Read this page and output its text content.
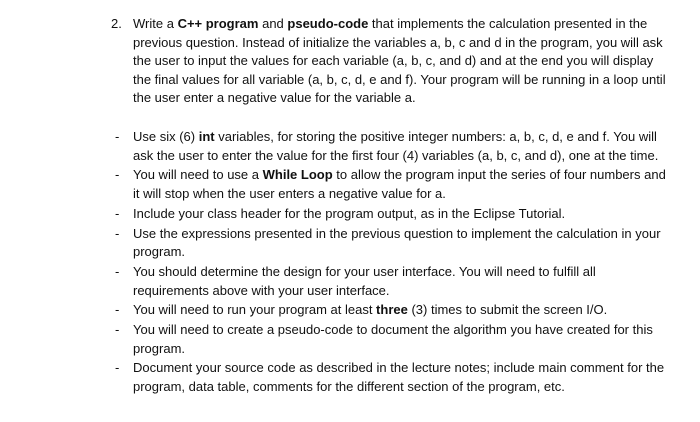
2. Write a C++ program and pseudo-code that implements the calculation presented in the previous question. Instead of initialize the variables a, b, c and d in the program, you will ask the user to input the values for each variable (a, b, c, and d) and at the end you will display the final values for all variable (a, b, c, d, e and f). Your program will be running in a loop until the user enter a negative value for the variable a.
- Use six (6) int variables, for storing the positive integer numbers: a, b, c, d, e and f. You will ask the user to enter the value for the first four (4) variables (a, b, c, and d), one at the time.
- You will need to use a While Loop to allow the program input the series of four numbers and it will stop when the user enters a negative value for a.
- Include your class header for the program output, as in the Eclipse Tutorial.
- Use the expressions presented in the previous question to implement the calculation in your program.
- You should determine the design for your user interface. You will need to fulfill all requirements above with your user interface.
- You will need to run your program at least three (3) times to submit the screen I/O.
- You will need to create a pseudo-code to document the algorithm you have created for this program.
- Document your source code as described in the lecture notes; include main comment for the program, data table, comments for the different section of the program, etc.
